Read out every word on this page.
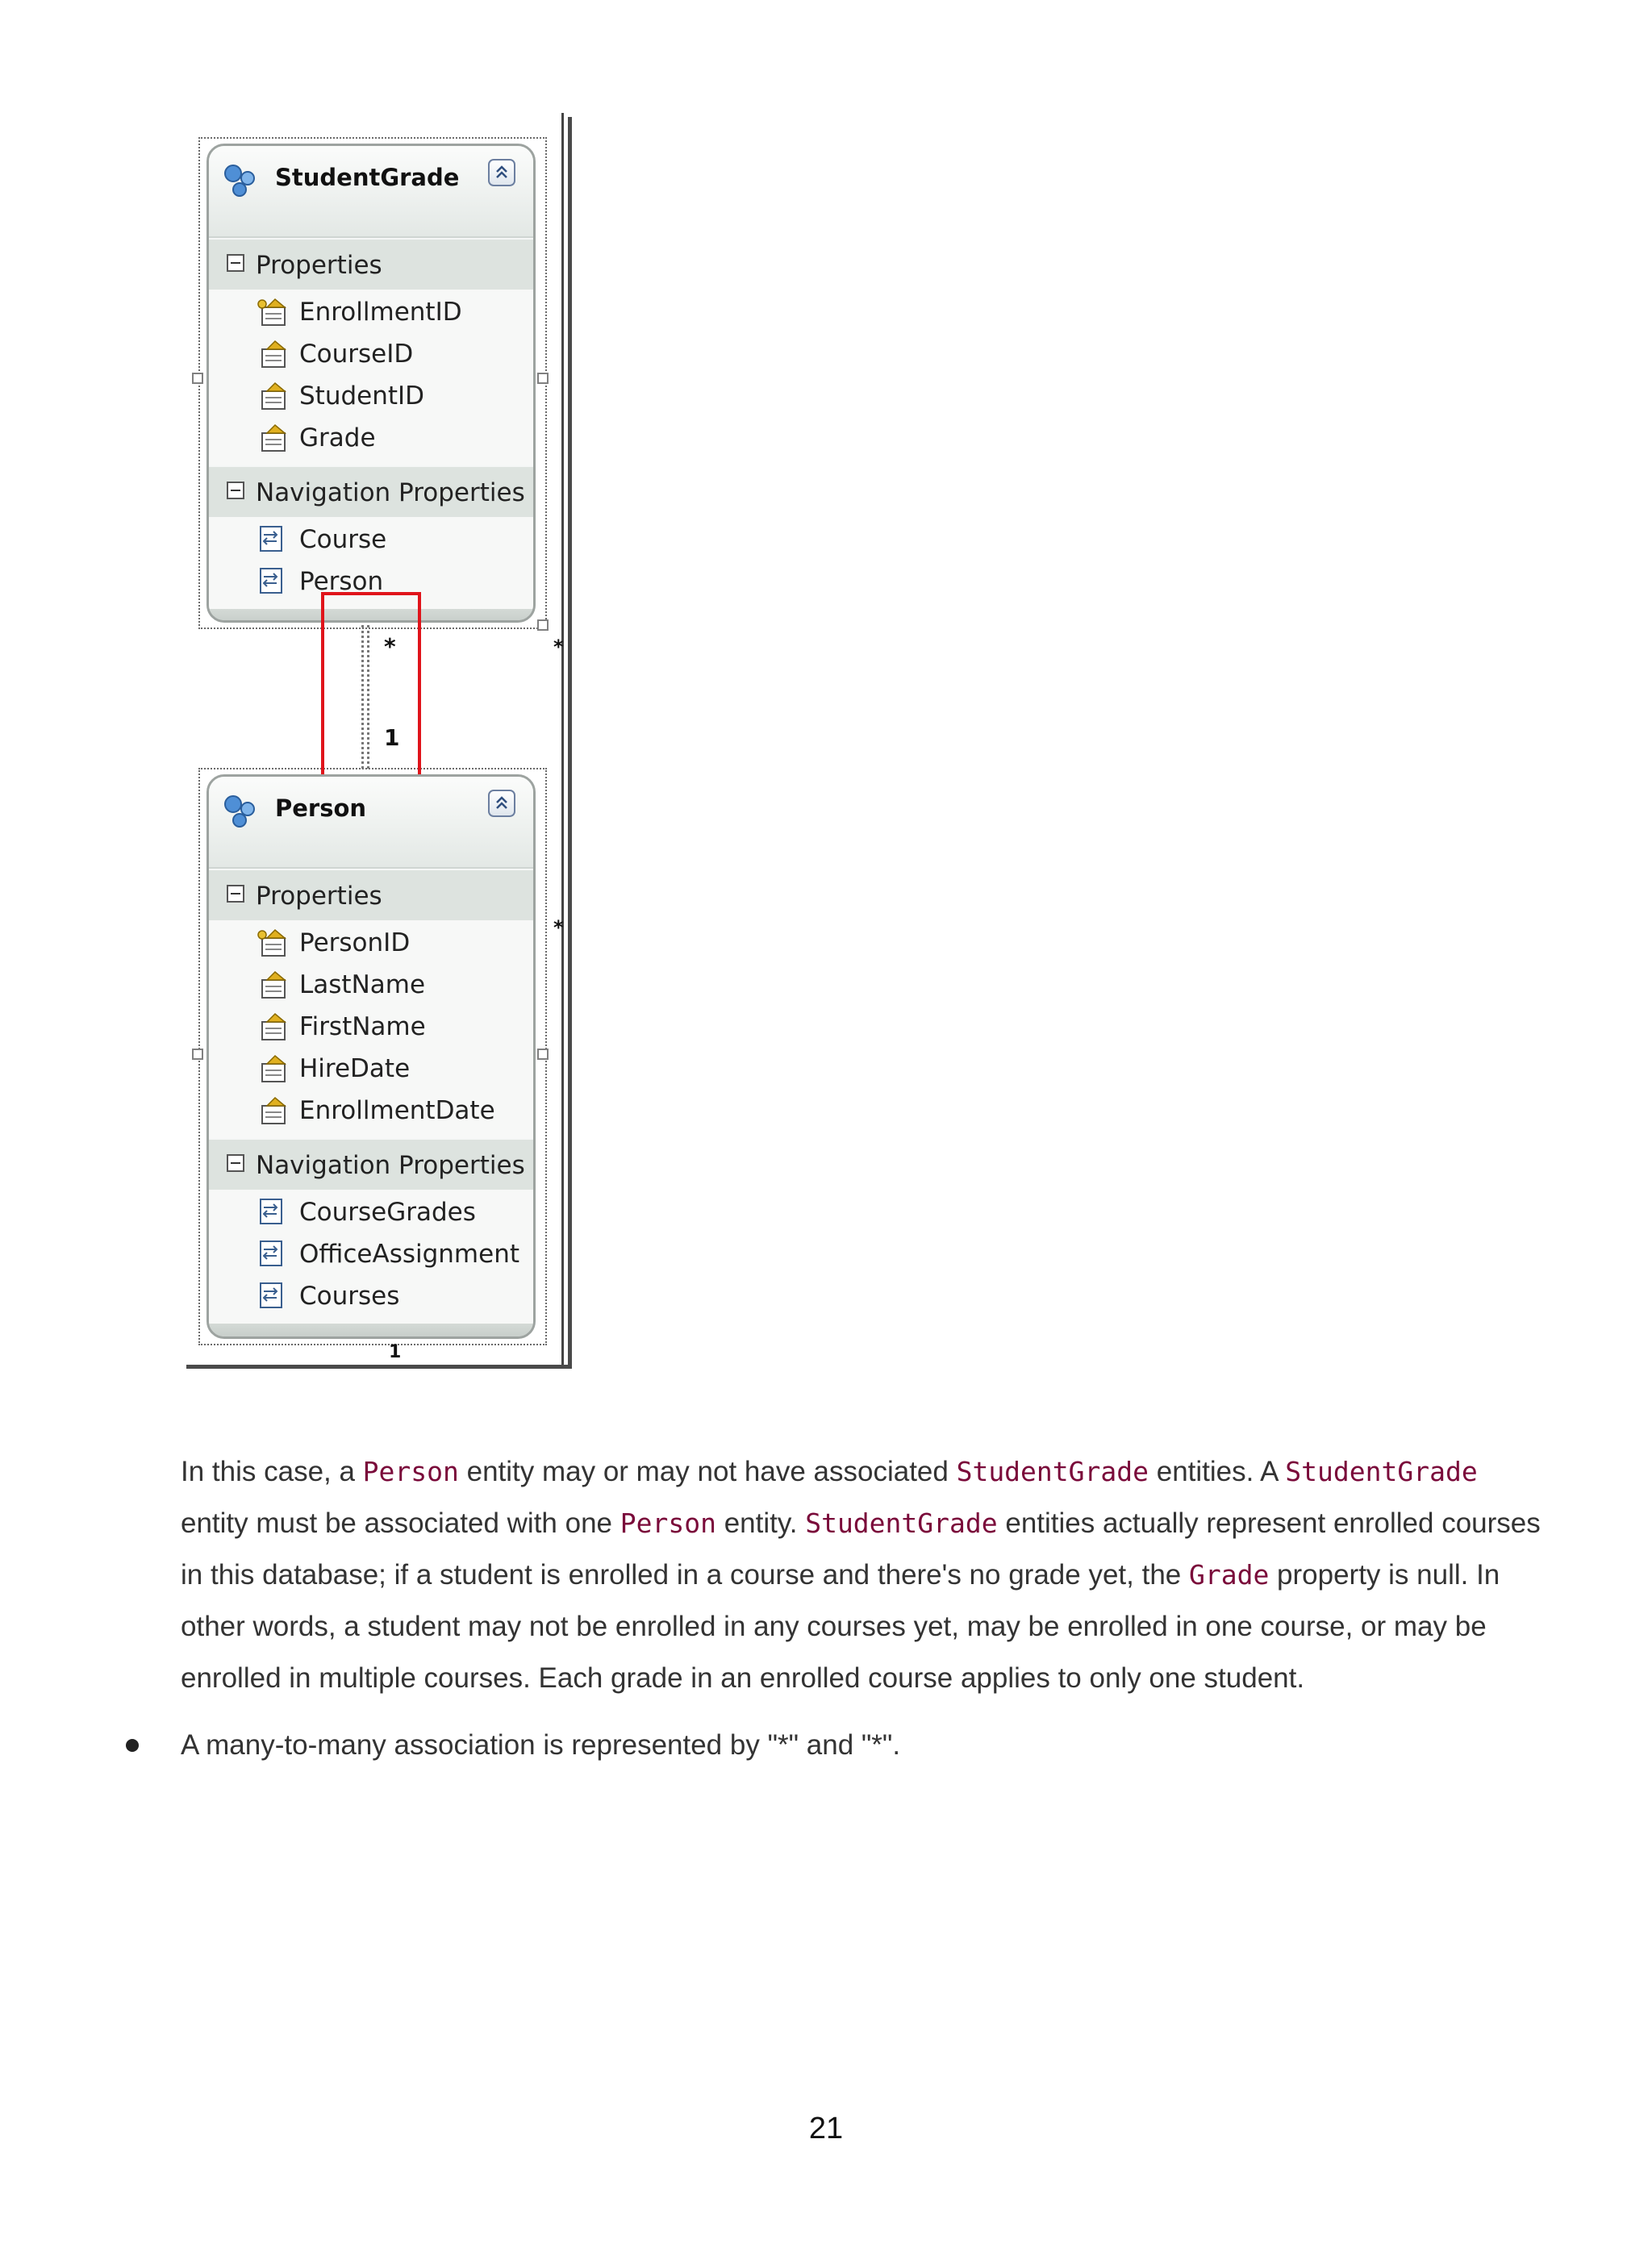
StudentGrade
Properties
EnrollmentID
CourseID
StudentID
Grade
Navigation Properties
Course
Person
*
1
*
*
1
Person
Properties
PersonID
LastName
FirstName
HireDate
EnrollmentDate
Navigation Properties
CourseGrades
OfficeAssignment
Courses

In this case, a Person entity may or may not have associated StudentGrade entities. A StudentGrade entity must be associated with one Person entity. StudentGrade entities actually represent enrolled courses in this database; if a student is enrolled in a course and there's no grade yet, the Grade property is null. In other words, a student may not be enrolled in any courses yet, may be enrolled in one course, or may be enrolled in multiple courses. Each grade in an enrolled course applies to only one student.

A many-to-many association is represented by "*" and "*".
21
